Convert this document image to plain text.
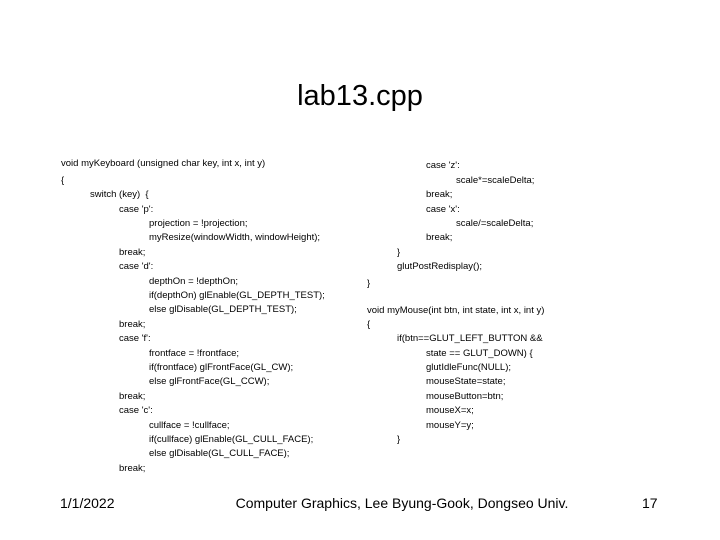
lab13.cpp
void myKeyboard (unsigned char key, int x, int y)
{
switch (key)  {
case 'p':
projection = !projection;
myResize(windowWidth, windowHeight);
break;
case 'd':
depthOn = !depthOn;
if(depthOn) glEnable(GL_DEPTH_TEST);
else glDisable(GL_DEPTH_TEST);
break;
case 'f':
frontface = !frontface;
if(frontface) glFrontFace(GL_CW);
else glFrontFace(GL_CCW);
break;
case 'c':
cullface = !cullface;
if(cullface) glEnable(GL_CULL_FACE);
else glDisable(GL_CULL_FACE);
break;
case 'z':
scale*=scaleDelta;
break;
case 'x':
scale/=scaleDelta;
break;
}
glutPostRedisplay();
}
void myMouse(int btn, int state, int x, int y)
{
if(btn==GLUT_LEFT_BUTTON &&
state == GLUT_DOWN) {
glutIdleFunc(NULL);
mouseState=state;
mouseButton=btn;
mouseX=x;
mouseY=y;
}
1/1/2022	Computer Graphics, Lee Byung-Gook, Dongseo Univ.	17
